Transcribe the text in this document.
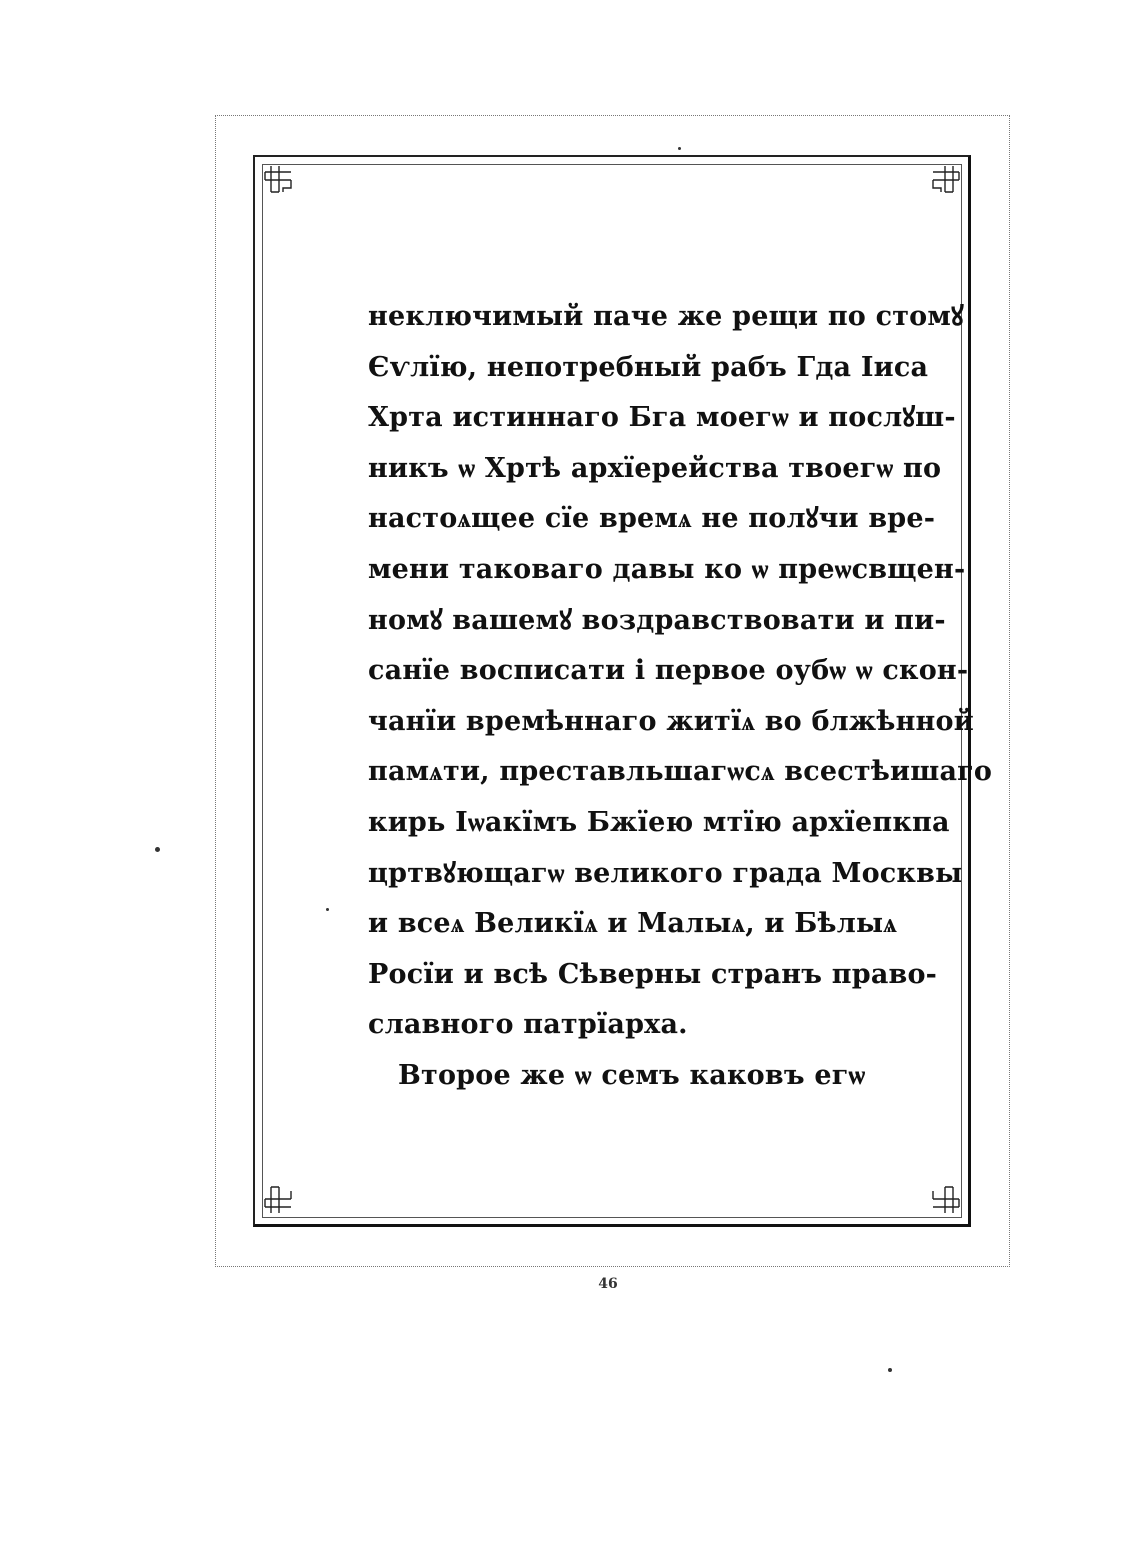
неключимый паче же рещи по стомꙋ
Єѵлїю, непотребный рабъ Гда Іиса
Хрта истиннаго Бга моегѡ и послꙋш-
никъ ѡ Хртѣ архїерейства твоегѡ по
настоѧщее сїе времѧ не полꙋчи вре-
мени таковаго давы ко ѡ преѡсвщен-
номꙋ вашемꙋ воздравствовати и пи-
санїе восписати і первое оубѡ ѡ скон-
чанїи времѣннаго житїѧ во блжѣнной
памѧти, преставльшагѡсѧ всестѣишаго
кирь Іѡакїмъ Бжїею мтїю архїепкпа
цртвꙋющагѡ великого града Москвы
и всеѧ Великїѧ и Малыѧ, и Бѣлыѧ
Росїи и всѣ Сѣверны странъ право-
славного патрїарха.
Второе же ѡ семъ каковъ егѡ
46
